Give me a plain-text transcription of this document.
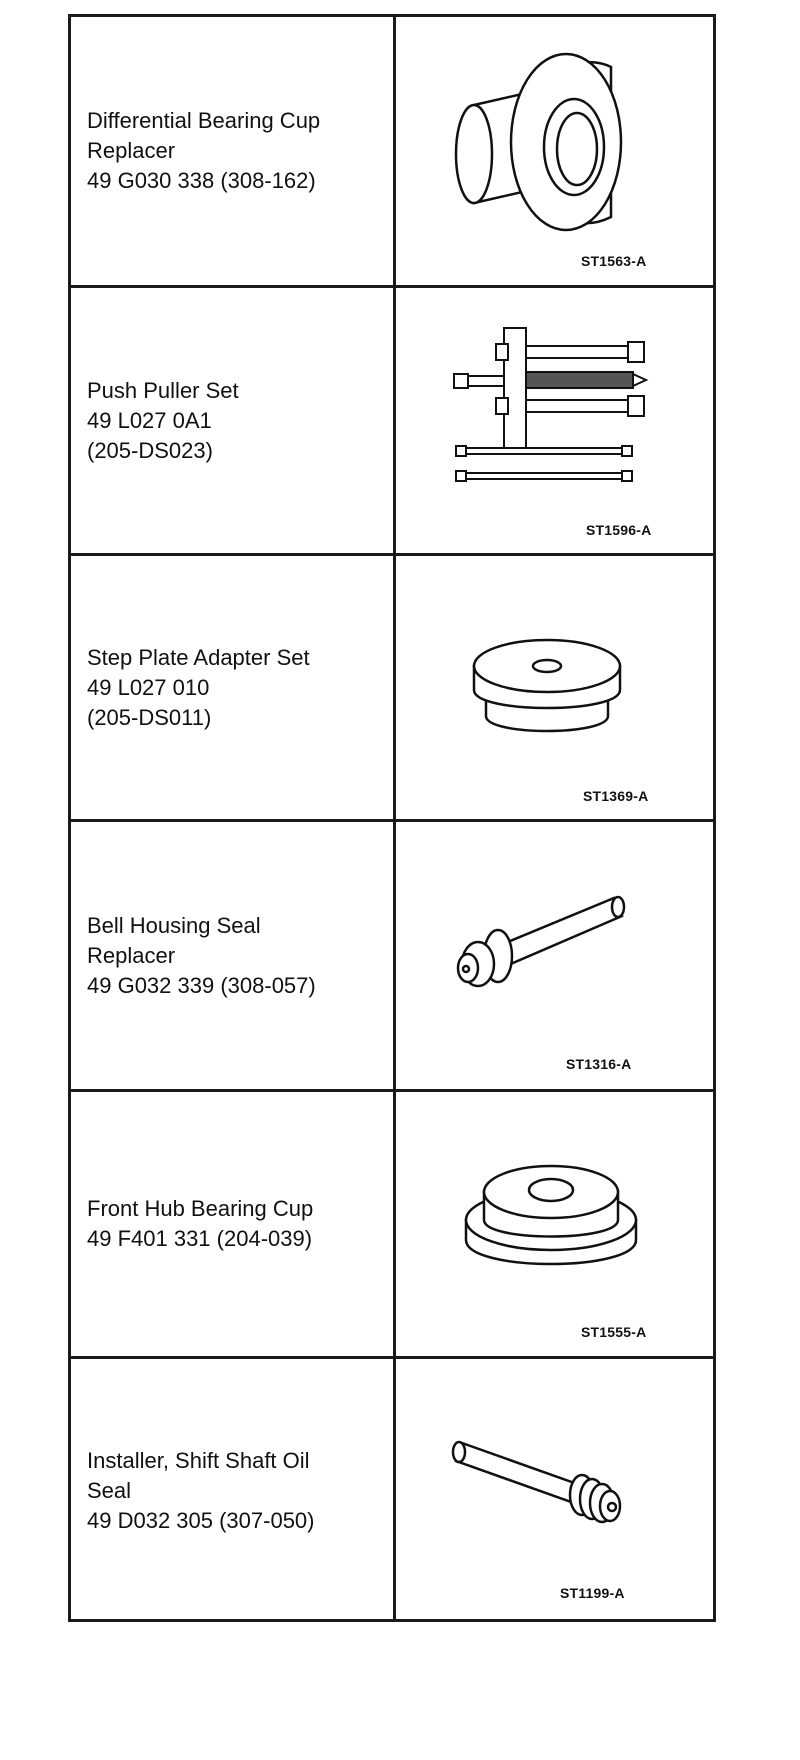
Differential Bearing Cup
Replacer
49 G030 338 (308-162)
ST1563-A
Push Puller Set
49 L027 0A1
(205-DS023)
ST1596-A
Step Plate Adapter Set
49 L027 010
(205-DS011)
ST1369-A
Bell Housing Seal
Replacer
49 G032 339 (308-057)
ST1316-A
Front Hub Bearing Cup
49 F401 331 (204-039)
ST1555-A
Installer, Shift Shaft Oil
Seal
49 D032 305 (307-050)
ST1199-A
